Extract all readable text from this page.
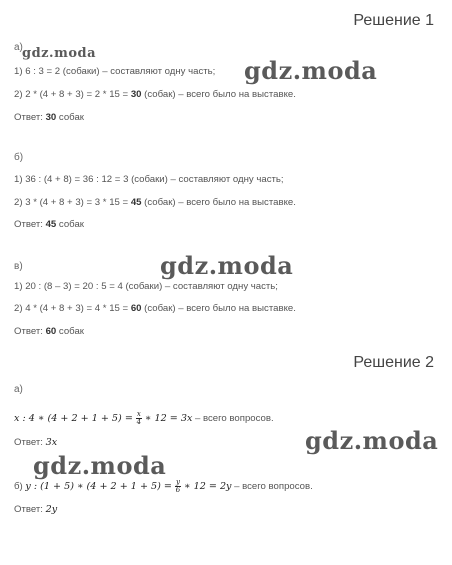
Решение 1
а)
1) 6 : 3 = 2 (собаки) – составляют одну часть;
2) 2 * (4 + 8 + 3) = 2 * 15 = 30 (собак) – всего было на выставке.
Ответ: 30 собак
б)
1) 36 : (4 + 8) = 36 : 12 = 3 (собаки) – составляют одну часть;
2) 3 * (4 + 8 + 3) = 3 * 15 = 45 (собак) – всего было на выставке.
Ответ: 45 собак
в)
1) 20 : (8 – 3) = 20 : 5 = 4 (собаки) – составляют одну часть;
2) 4 * (4 + 8 + 3) = 4 * 15 = 60 (собак) – всего было на выставке.
Ответ: 60 собак
Решение 2
а)
x : 4 ∗ $(4 + 2 + 1 + 5) = \frac{x}{4}$ ∗ 12 = 3x – всего вопросов.
Ответ: 3x
б) y : (1 + 5) ∗ $(4 + 2 + 1 + 5) = \frac{y}{6}$ ∗ 12 = 2y – всего вопросов.
Ответ: 2y
gdz.moda
gdz.moda
gdz.moda
gdz.moda
gdz.moda
